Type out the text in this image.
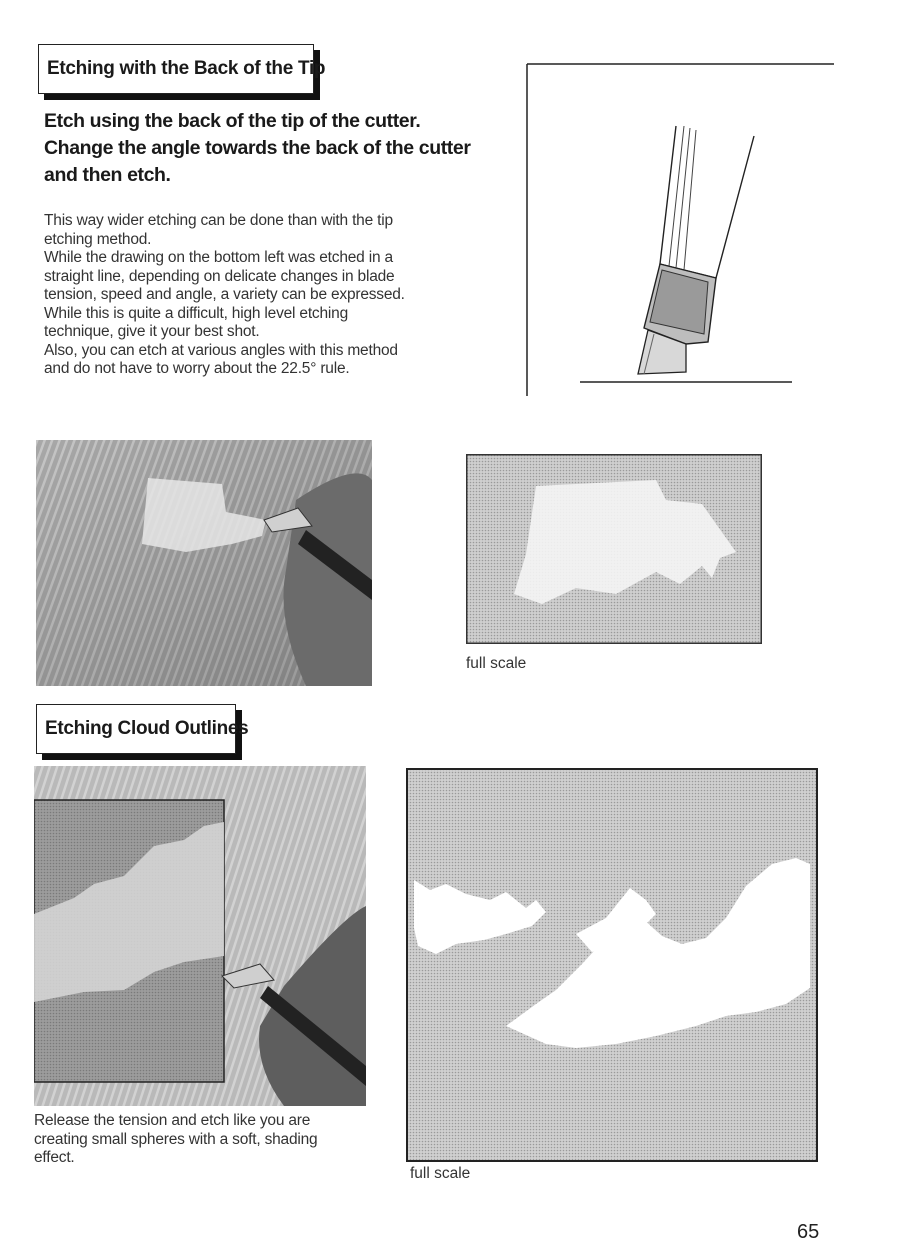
Etching with the Back of the Tip
Etch using the back of the tip of the cutter.
Change the angle towards the back of the cutter
and then etch.
This way wider etching can be done than with the tip
etching method.
While the drawing on the bottom left was etched in a
straight line, depending on delicate changes in blade
tension, speed and angle, a variety can be expressed.
While this is quite a difficult, high level etching
technique, give it your best shot.
Also, you can etch at various angles with this method
and do not have to worry about the 22.5° rule.
full scale
Etching Cloud Outlines
Release the tension and etch like you are
creating small spheres with a soft, shading
effect.
full scale
65
